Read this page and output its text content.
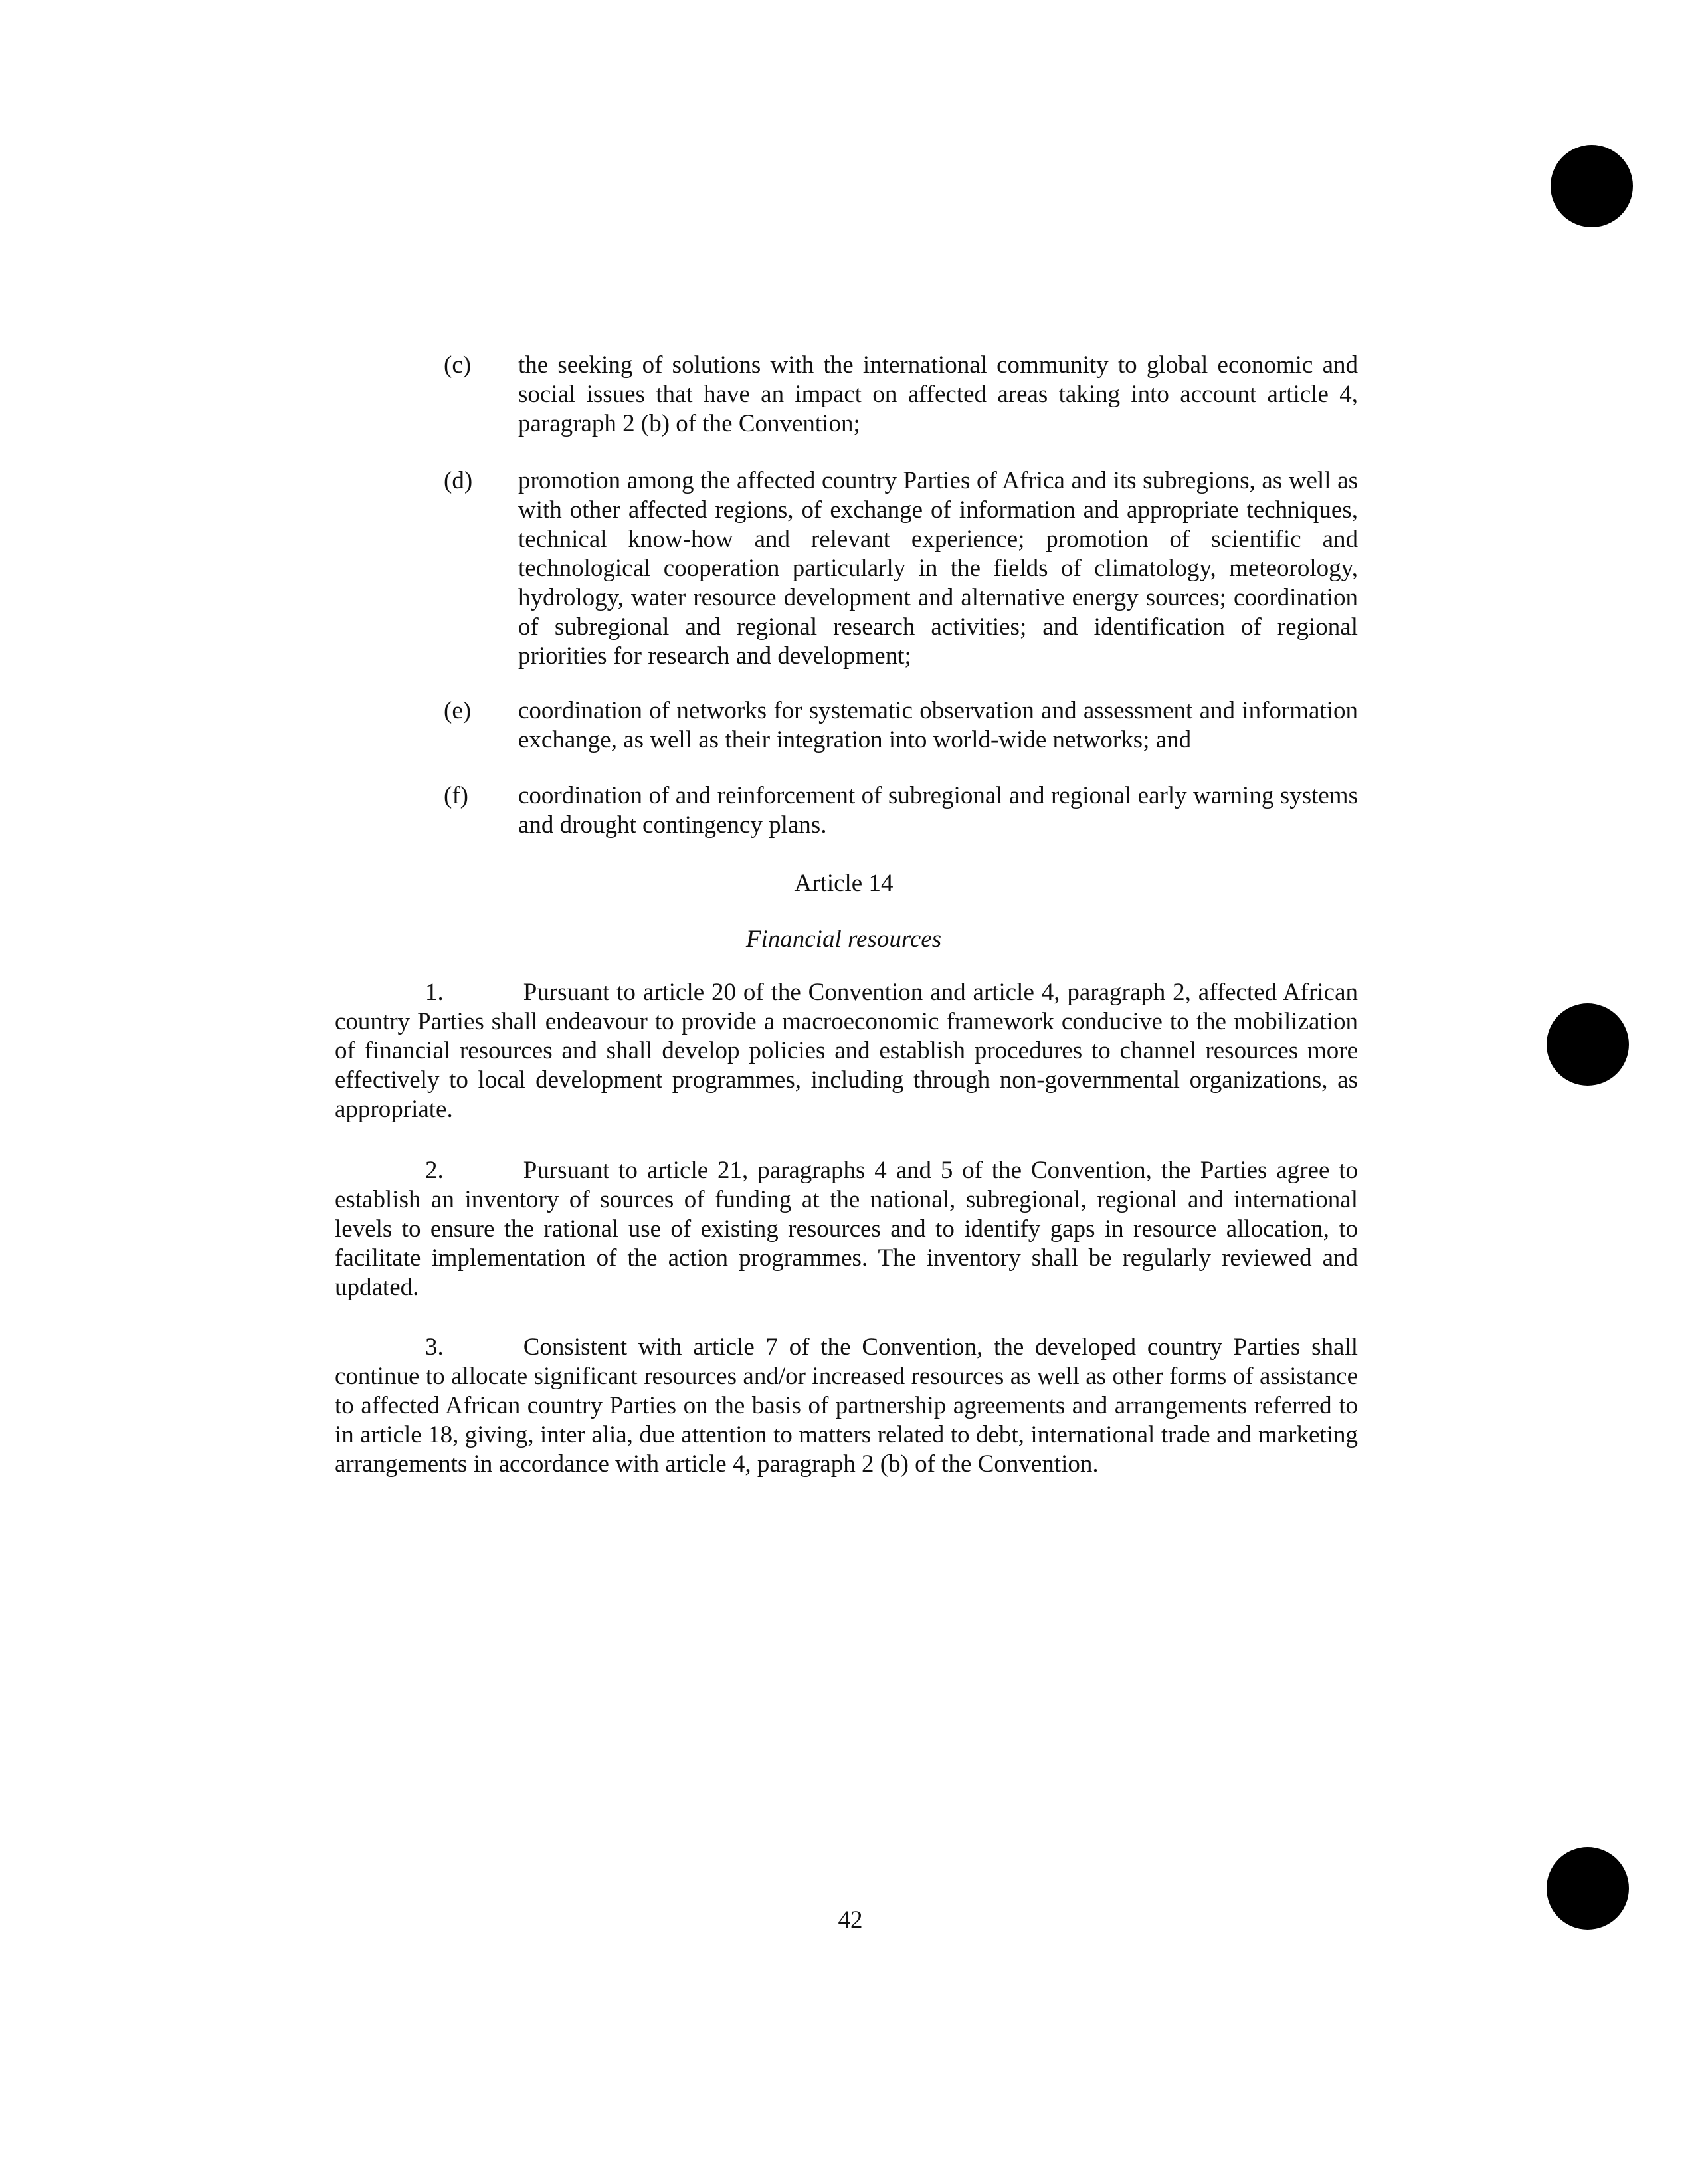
(c) the seeking of solutions with the international community to global economic and social issues that have an impact on affected areas taking into account article 4, paragraph 2 (b) of the Convention;
(d) promotion among the affected country Parties of Africa and its subregions, as well as with other affected regions, of exchange of information and appropriate techniques, technical know-how and relevant experience; promotion of scientific and technological cooperation particularly in the fields of climatology, meteorology, hydrology, water resource development and alternative energy sources; coordination of subregional and regional research activities; and identification of regional priorities for research and development;
(e) coordination of networks for systematic observation and assessment and information exchange, as well as their integration into world-wide networks; and
(f) coordination of and reinforcement of subregional and regional early warning systems and drought contingency plans.
Article 14
Financial resources
1.	Pursuant to article 20 of the Convention and article 4, paragraph 2, affected African country Parties shall endeavour to provide a macroeconomic framework conducive to the mobilization of financial resources and shall develop policies and establish procedures to channel resources more effectively to local development programmes, including through non-governmental organizations, as appropriate.
2.	Pursuant to article 21, paragraphs 4 and 5 of the Convention, the Parties agree to establish an inventory of sources of funding at the national, subregional, regional and international levels to ensure the rational use of existing resources and to identify gaps in resource allocation, to facilitate implementation of the action programmes. The inventory shall be regularly reviewed and updated.
3.	Consistent with article 7 of the Convention, the developed country Parties shall continue to allocate significant resources and/or increased resources as well as other forms of assistance to affected African country Parties on the basis of partnership agreements and arrangements referred to in article 18, giving, inter alia, due attention to matters related to debt, international trade and marketing arrangements in accordance with article 4, paragraph 2 (b) of the Convention.
42
